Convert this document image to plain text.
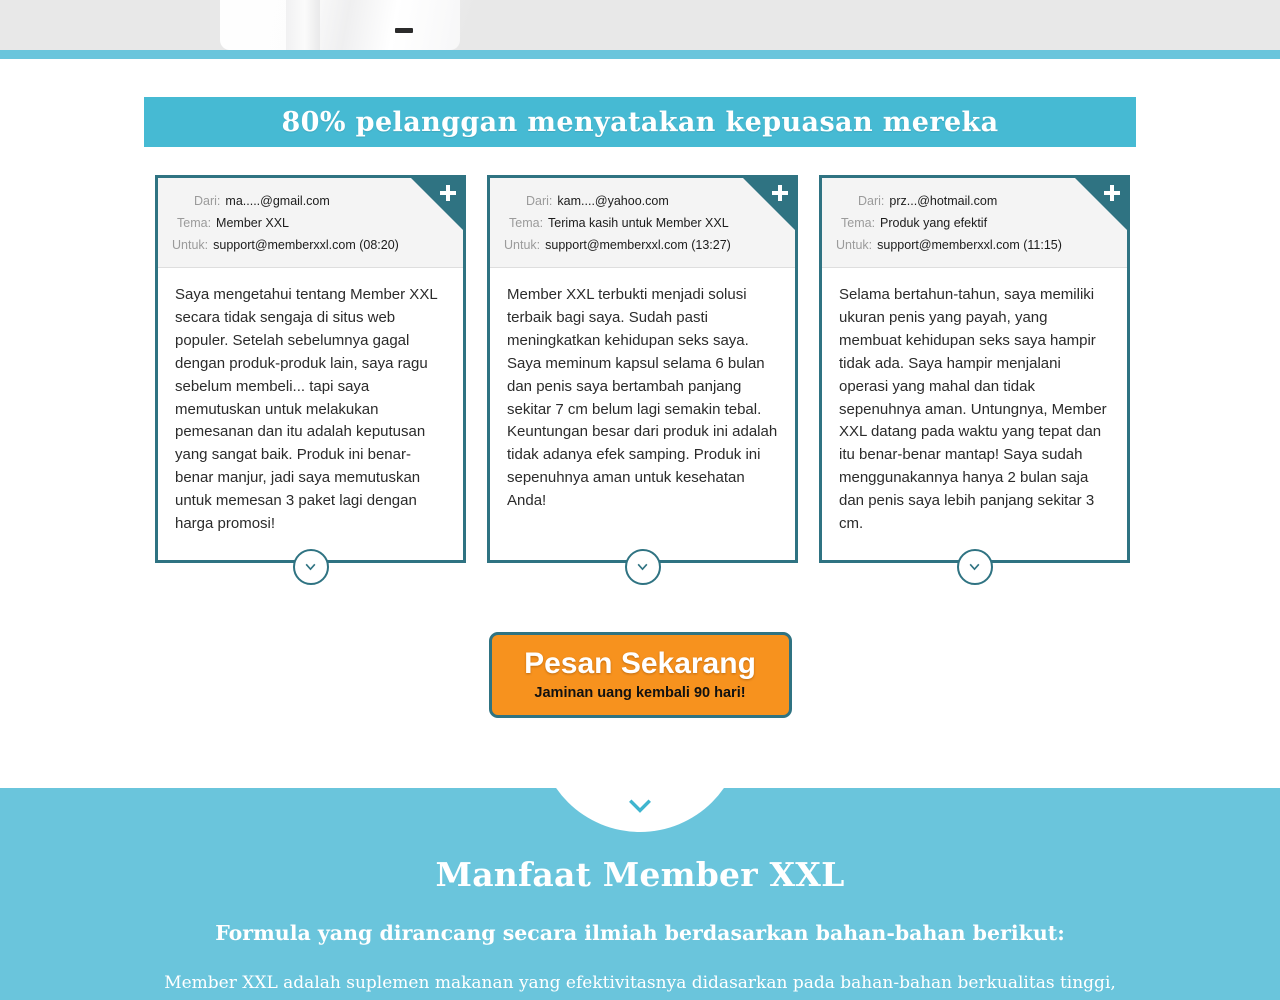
80% pelanggan menyatakan kepuasan mereka
Dari: ma.....@gmail.com
Tema: Member XXL
Untuk: support@memberxxl.com (08:20)
Saya mengetahui tentang Member XXL secara tidak sengaja di situs web populer. Setelah sebelumnya gagal dengan produk-produk lain, saya ragu sebelum membeli... tapi saya memutuskan untuk melakukan pemesanan dan itu adalah keputusan yang sangat baik. Produk ini benar-benar manjur, jadi saya memutuskan untuk memesan 3 paket lagi dengan harga promosi!
Dari: kam....@yahoo.com
Tema: Terima kasih untuk Member XXL
Untuk: support@memberxxl.com (13:27)
Member XXL terbukti menjadi solusi terbaik bagi saya. Sudah pasti meningkatkan kehidupan seks saya. Saya meminum kapsul selama 6 bulan dan penis saya bertambah panjang sekitar 7 cm belum lagi semakin tebal. Keuntungan besar dari produk ini adalah tidak adanya efek samping. Produk ini sepenuhnya aman untuk kesehatan Anda!
Dari: prz...@hotmail.com
Tema: Produk yang efektif
Untuk: support@memberxxl.com (11:15)
Selama bertahun-tahun, saya memiliki ukuran penis yang payah, yang membuat kehidupan seks saya hampir tidak ada. Saya hampir menjalani operasi yang mahal dan tidak sepenuhnya aman. Untungnya, Member XXL datang pada waktu yang tepat dan itu benar-benar mantap! Saya sudah menggunakannya hanya 2 bulan saja dan penis saya lebih panjang sekitar 3 cm.
Pesan Sekarang
Jaminan uang kembali 90 hari!
Manfaat Member XXL
Formula yang dirancang secara ilmiah berdasarkan bahan-bahan berikut:
Member XXL adalah suplemen makanan yang efektivitasnya didasarkan pada bahan-bahan berkualitas tinggi,
